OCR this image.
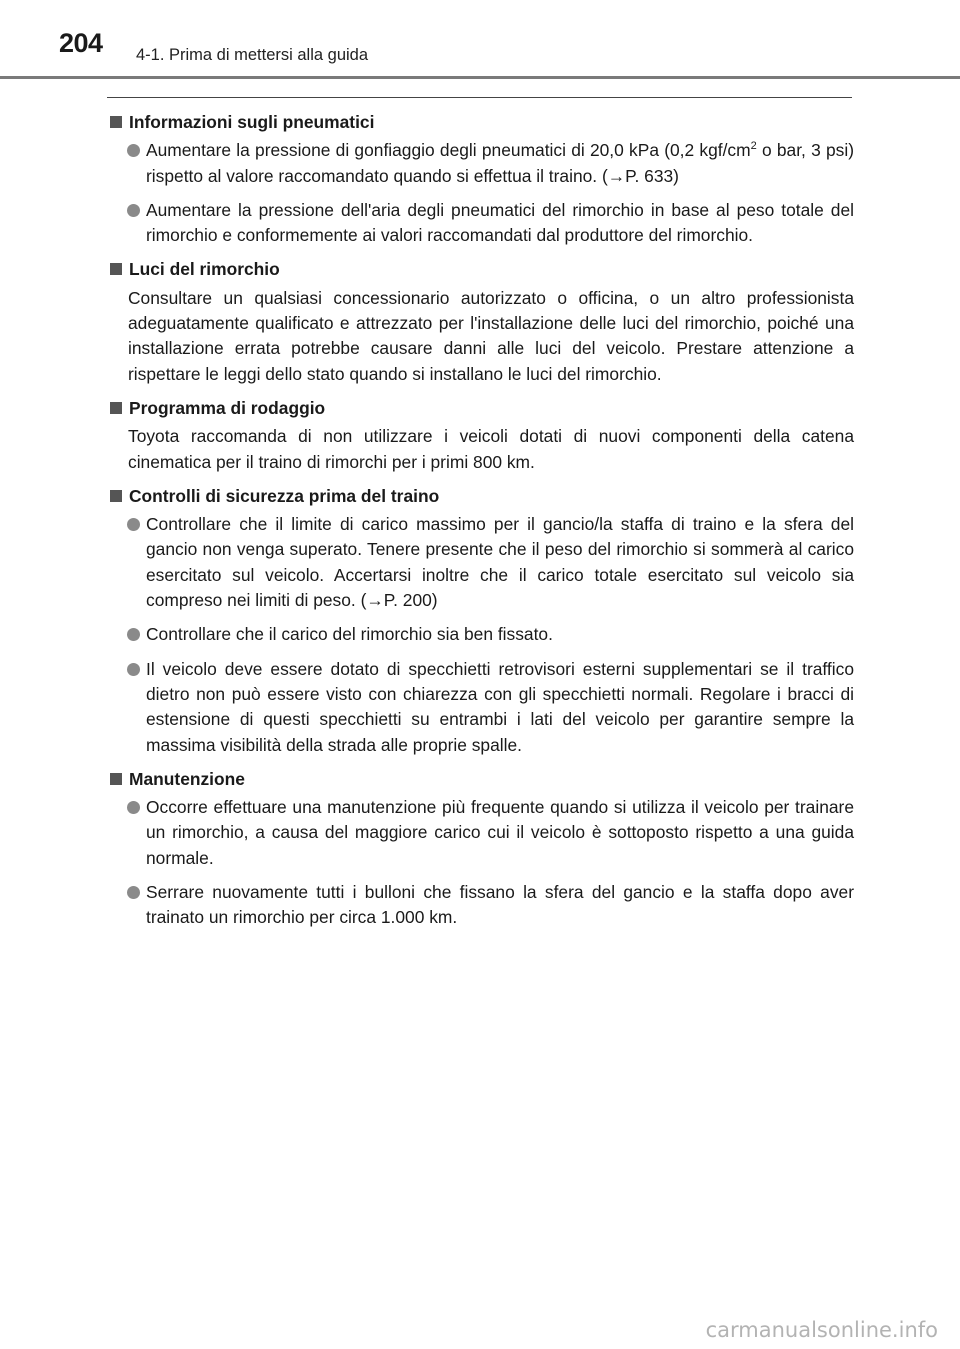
204 4-1. Prima di mettersi alla guida
Informazioni sugli pneumatici
Aumentare la pressione di gonfiaggio degli pneumatici di 20,0 kPa (0,2 kgf/$cm^2$ o bar, 3 psi) rispetto al valore raccomandato quando si effettua il traino. (→P. 633)
Aumentare la pressione dell'aria degli pneumatici del rimorchio in base al peso totale del rimorchio e conformemente ai valori raccomandati dal produttore del rimorchio.
Luci del rimorchio
Consultare un qualsiasi concessionario autorizzato o officina, o un altro professionista adeguatamente qualificato e attrezzato per l'installazione delle luci del rimorchio, poiché una installazione errata potrebbe causare danni alle luci del veicolo. Prestare attenzione a rispettare le leggi dello stato quando si installano le luci del rimorchio.
Programma di rodaggio
Toyota raccomanda di non utilizzare i veicoli dotati di nuovi componenti della catena cinematica per il traino di rimorchi per i primi 800 km.
Controlli di sicurezza prima del traino
Controllare che il limite di carico massimo per il gancio/la staffa di traino e la sfera del gancio non venga superato. Tenere presente che il peso del rimorchio si sommerà al carico esercitato sul veicolo. Accertarsi inoltre che il carico totale esercitato sul veicolo sia compreso nei limiti di peso. (→P. 200)
Controllare che il carico del rimorchio sia ben fissato.
Il veicolo deve essere dotato di specchietti retrovisori esterni supplementari se il traffico dietro non può essere visto con chiarezza con gli specchietti normali. Regolare i bracci di estensione di questi specchietti su entrambi i lati del veicolo per garantire sempre la massima visibilità della strada alle proprie spalle.
Manutenzione
Occorre effettuare una manutenzione più frequente quando si utilizza il veicolo per trainare un rimorchio, a causa del maggiore carico cui il veicolo è sottoposto rispetto a una guida normale.
Serrare nuovamente tutti i bulloni che fissano la sfera del gancio e la staffa dopo aver trainato un rimorchio per circa 1.000 km.
carmanualsonline.info
